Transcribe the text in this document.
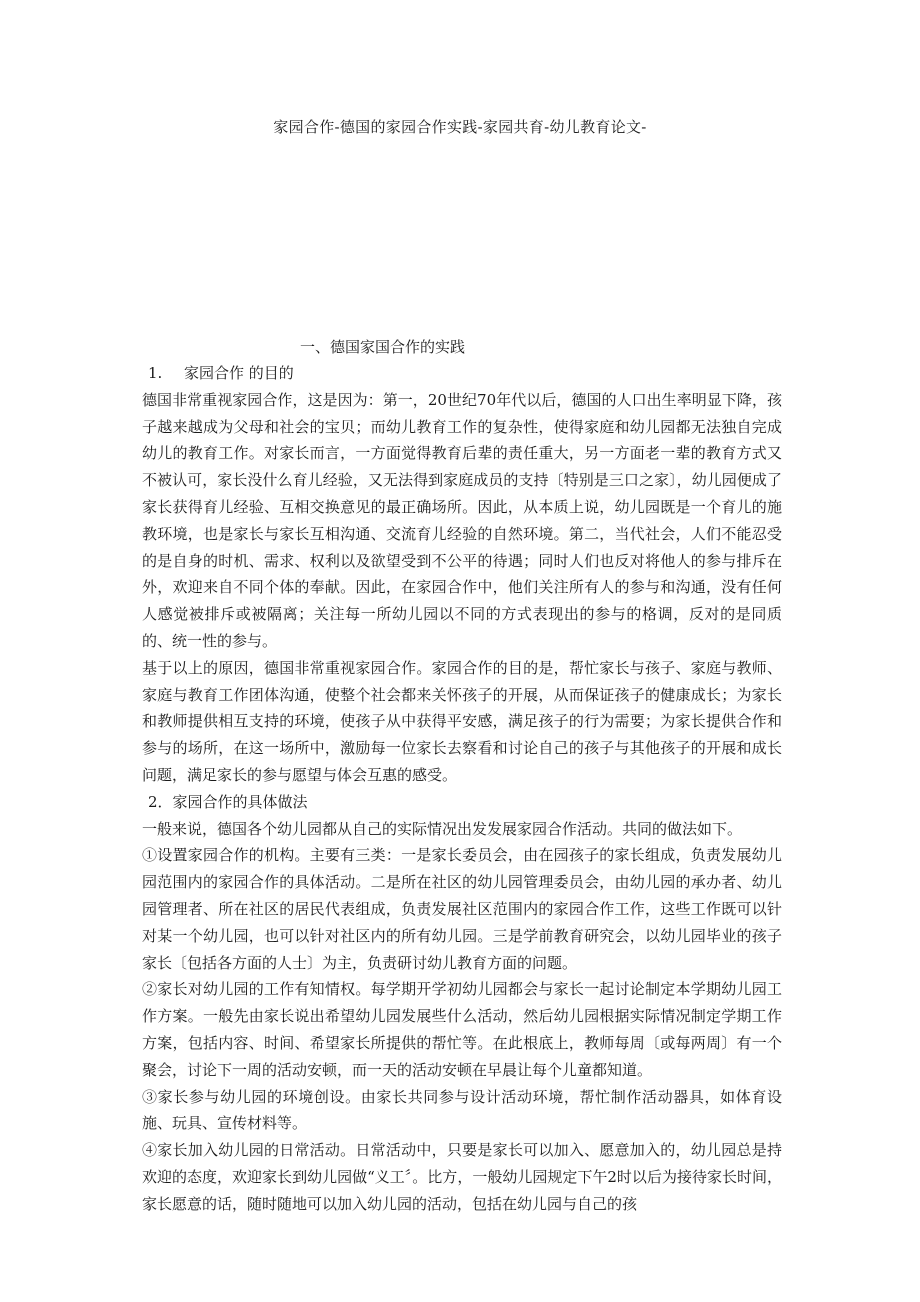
家园合作-德国的家园合作实践-家园共育-幼儿教育论文-
一、德国家国合作的实践

1. 家园合作 的目的

德国非常重视家园合作，这是因为：第一，20世纪70年代以后，德国的人口出生率明显下降，孩子越来越成为父母和社会的宝贝；而幼儿教育工作的复杂性，使得家庭和幼儿园都无法独自完成幼儿的教育工作。对家长而言，一方面觉得教育后辈的责任重大，另一方面老一辈的教育方式又不被认可，家长没什么育儿经验，又无法得到家庭成员的支持〔特别是三口之家〕，幼儿园便成了家长获得育儿经验、互相交换意见的最正确场所。因此，从本质上说，幼儿园既是一个育儿的施教环境，也是家长与家长互相沟通、交流育儿经验的自然环境。第二，当代社会，人们不能忍受的是自身的时机、需求、权利以及欲望受到不公平的待遇；同时人们也反对将他人的参与排斥在外，欢迎来自不同个体的奉献。因此，在家园合作中，他们关注所有人的参与和沟通，没有任何人感觉被排斥或被隔离；关注每一所幼儿园以不同的方式表现出的参与的格调，反对的是同质的、统一性的参与。

基于以上的原因，德国非常重视家园合作。家园合作的目的是，帮忙家长与孩子、家庭与教师、家庭与教育工作团体沟通，使整个社会都来关怀孩子的开展，从而保证孩子的健康成长；为家长和教师提供相互支持的环境，使孩子从中获得平安感，满足孩子的行为需要；为家长提供合作和参与的场所，在这一场所中，激励每一位家长去察看和讨论自己的孩子与其他孩子的开展和成长问题，满足家长的参与愿望与体会互惠的感受。

2．家园合作的具体做法

一般来说，德国各个幼儿园都从自己的实际情况出发发展家园合作活动。共同的做法如下。

①设置家园合作的机构。主要有三类：一是家长委员会，由在园孩子的家长组成，负责发展幼儿园范围内的家园合作的具体活动。二是所在社区的幼儿园管理委员会，由幼儿园的承办者、幼儿园管理者、所在社区的居民代表组成，负责发展社区范围内的家园合作工作，这些工作既可以针对某一个幼儿园，也可以针对社区内的所有幼儿园。三是学前教育研究会，以幼儿园毕业的孩子家长〔包括各方面的人士〕为主，负责研讨幼儿教育方面的问题。

②家长对幼儿园的工作有知情权。每学期开学初幼儿园都会与家长一起讨论制定本学期幼儿园工作方案。一般先由家长说出希望幼儿园发展些什么活动，然后幼儿园根据实际情况制定学期工作方案，包括内容、时间、希望家长所提供的帮忙等。在此根底上，教师每周〔或每两周〕有一个聚会，讨论下一周的活动安顿，而一天的活动安顿在早晨让每个儿童都知道。

③家长参与幼儿园的环境创设。由家长共同参与设计活动环境，帮忙制作活动器具，如体育设施、玩具、宣传材料等。

④家长加入幼儿园的日常活动。日常活动中，只要是家长可以加入、愿意加入的，幼儿园总是持欢迎的态度，欢迎家长到幼儿园做“义工〞。比方，一般幼儿园规定下午2时以后为接待家长时间，家长愿意的话，随时随地可以加入幼儿园的活动，包括在幼儿园与自己的孩
